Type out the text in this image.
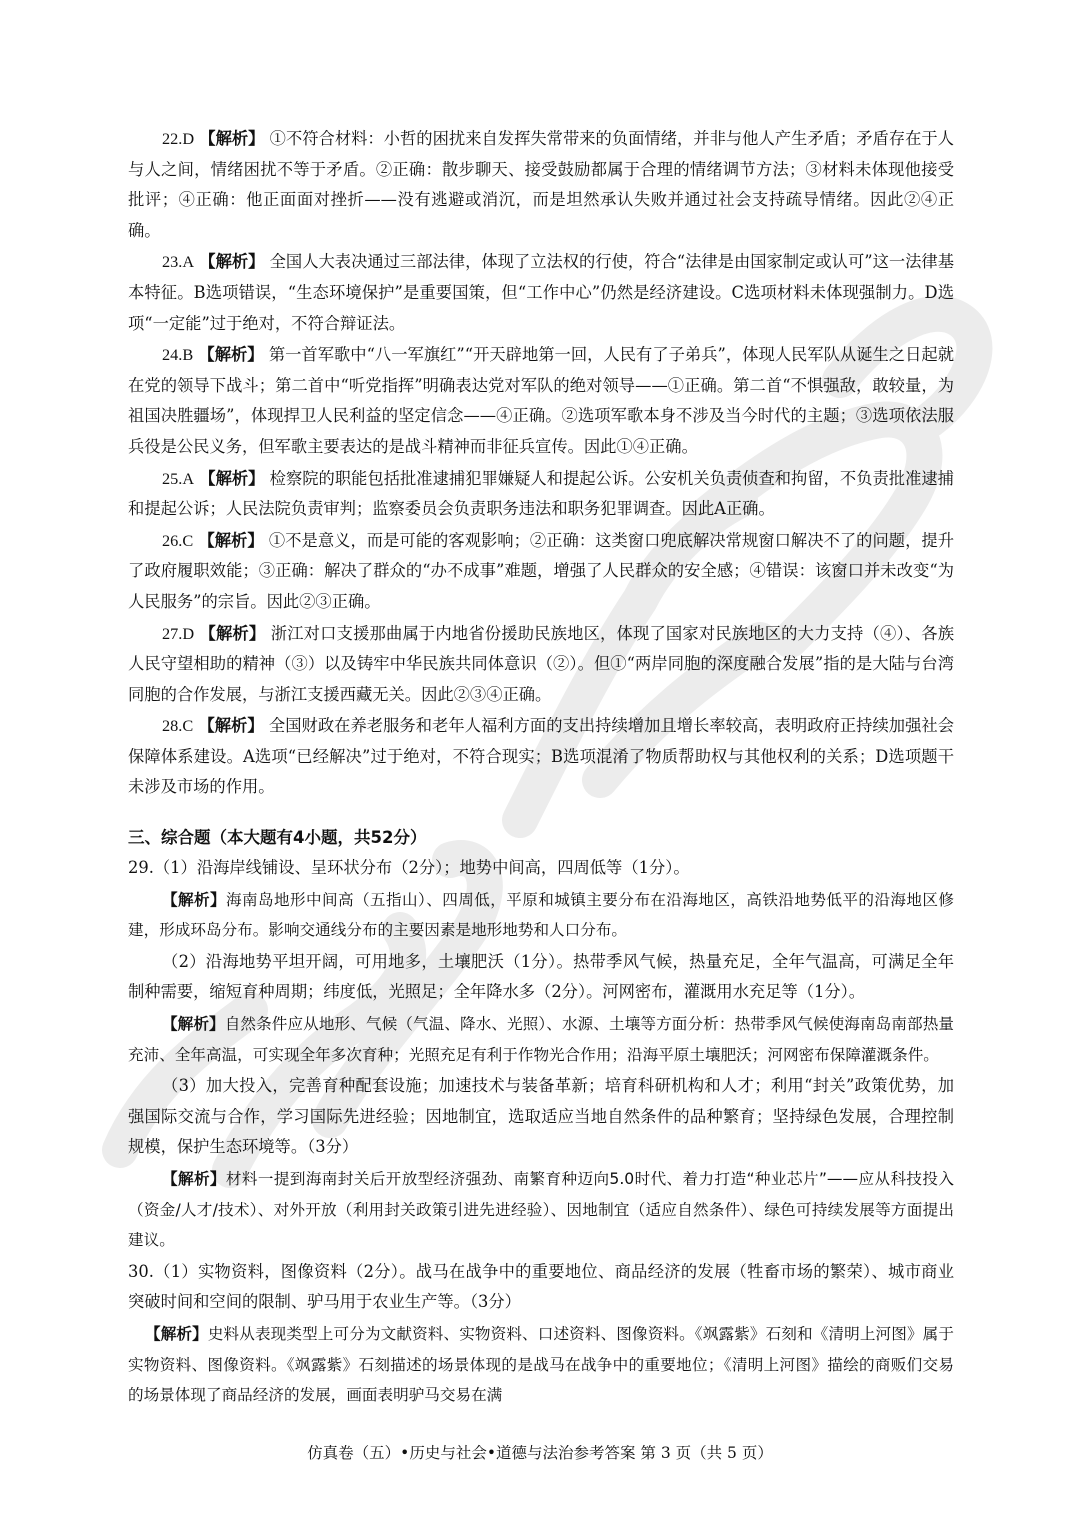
22.D 【解析】 ①不符合材料：小哲的困扰来自发挥失常带来的负面情绪，并非与他人产生矛盾；矛盾存在于人与人之间，情绪困扰不等于矛盾。②正确：散步聊天、接受鼓励都属于合理的情绪调节方法；③材料未体现他接受批评；④正确：他正面面对挫折——没有逃避或消沉，而是坦然承认失败并通过社会支持疏导情绪。因此②④正确。

23.A 【解析】 全国人大表决通过三部法律，体现了立法权的行使，符合“法律是由国家制定或认可”这一法律基本特征。B选项错误，“生态环境保护”是重要国策，但“工作中心”仍然是经济建设。C选项材料未体现强制力。D选项“一定能”过于绝对，不符合辩证法。

24.B 【解析】 第一首军歌中“八一军旗红”“开天辟地第一回，人民有了子弟兵”，体现人民军队从诞生之日起就在党的领导下战斗；第二首中“听党指挥”明确表达党对军队的绝对领导——①正确。第二首“不惧强敌，敢较量，为祖国决胜疆场”，体现捍卫人民利益的坚定信念——④正确。②选项军歌本身不涉及当今时代的主题；③选项依法服兵役是公民义务，但军歌主要表达的是战斗精神而非征兵宣传。因此①④正确。

25.A 【解析】 检察院的职能包括批准逮捕犯罪嫌疑人和提起公诉。公安机关负责侦查和拘留，不负责批准逮捕和提起公诉；人民法院负责审判；监察委员会负责职务违法和职务犯罪调查。因此A正确。

26.C 【解析】 ①不是意义，而是可能的客观影响；②正确：这类窗口兜底解决常规窗口解决不了的问题，提升了政府履职效能；③正确：解决了群众的“办不成事”难题，增强了人民群众的安全感；④错误：该窗口并未改变“为人民服务”的宗旨。因此②③正确。

27.D 【解析】 浙江对口支援那曲属于内地省份援助民族地区，体现了国家对民族地区的大力支持（④）、各族人民守望相助的精神（③）以及铸牢中华民族共同体意识（②）。但①“两岸同胞的深度融合发展”指的是大陆与台湾同胞的合作发展，与浙江支援西藏无关。因此②③④正确。

28.C 【解析】 全国财政在养老服务和老年人福利方面的支出持续增加且增长率较高，表明政府正持续加强社会保障体系建设。A选项“已经解决”过于绝对，不符合现实；B选项混淆了物质帮助权与其他权利的关系；D选项题干未涉及市场的作用。

三、综合题（本大题有4小题，共52分）

29.（1）沿海岸线铺设、呈环状分布（2分）；地势中间高，四周低等（1分）。

【解析】海南岛地形中间高（五指山）、四周低，平原和城镇主要分布在沿海地区，高铁沿地势低平的沿海地区修建，形成环岛分布。影响交通线分布的主要因素是地形地势和人口分布。

（2）沿海地势平坦开阔，可用地多，土壤肥沃（1分）。热带季风气候，热量充足，全年气温高，可满足全年制种需要，缩短育种周期；纬度低，光照足；全年降水多（2分）。河网密布，灌溉用水充足等（1分）。

【解析】自然条件应从地形、气候（气温、降水、光照）、水源、土壤等方面分析：热带季风气候使海南岛南部热量充沛、全年高温，可实现全年多次育种；光照充足有利于作物光合作用；沿海平原土壤肥沃；河网密布保障灌溉条件。

（3）加大投入，完善育种配套设施；加速技术与装备革新；培育科研机构和人才；利用“封关”政策优势，加强国际交流与合作，学习国际先进经验；因地制宜，选取适应当地自然条件的品种繁育；坚持绿色发展，合理控制规模，保护生态环境等。（3分）

【解析】材料一提到海南封关后开放型经济强劲、南繁育种迈向5.0时代、着力打造“种业芯片”——应从科技投入（资金/人才/技术）、对外开放（利用封关政策引进先进经验）、因地制宜（适应自然条件）、绿色可持续发展等方面提出建议。

30.（1）实物资料，图像资料（2分）。战马在战争中的重要地位、商品经济的发展（牲畜市场的繁荣）、城市商业突破时间和空间的限制、驴马用于农业生产等。（3分）

【解析】史料从表现类型上可分为文献资料、实物资料、口述资料、图像资料。《飒露紫》石刻和《清明上河图》属于实物资料、图像资料。《飒露紫》石刻描述的场景体现的是战马在战争中的重要地位；《清明上河图》描绘的商贩们交易的场景体现了商品经济的发展，画面表明驴马交易在满

仿真卷（五）•历史与社会•道德与法治参考答案 第 3 页（共 5 页）
